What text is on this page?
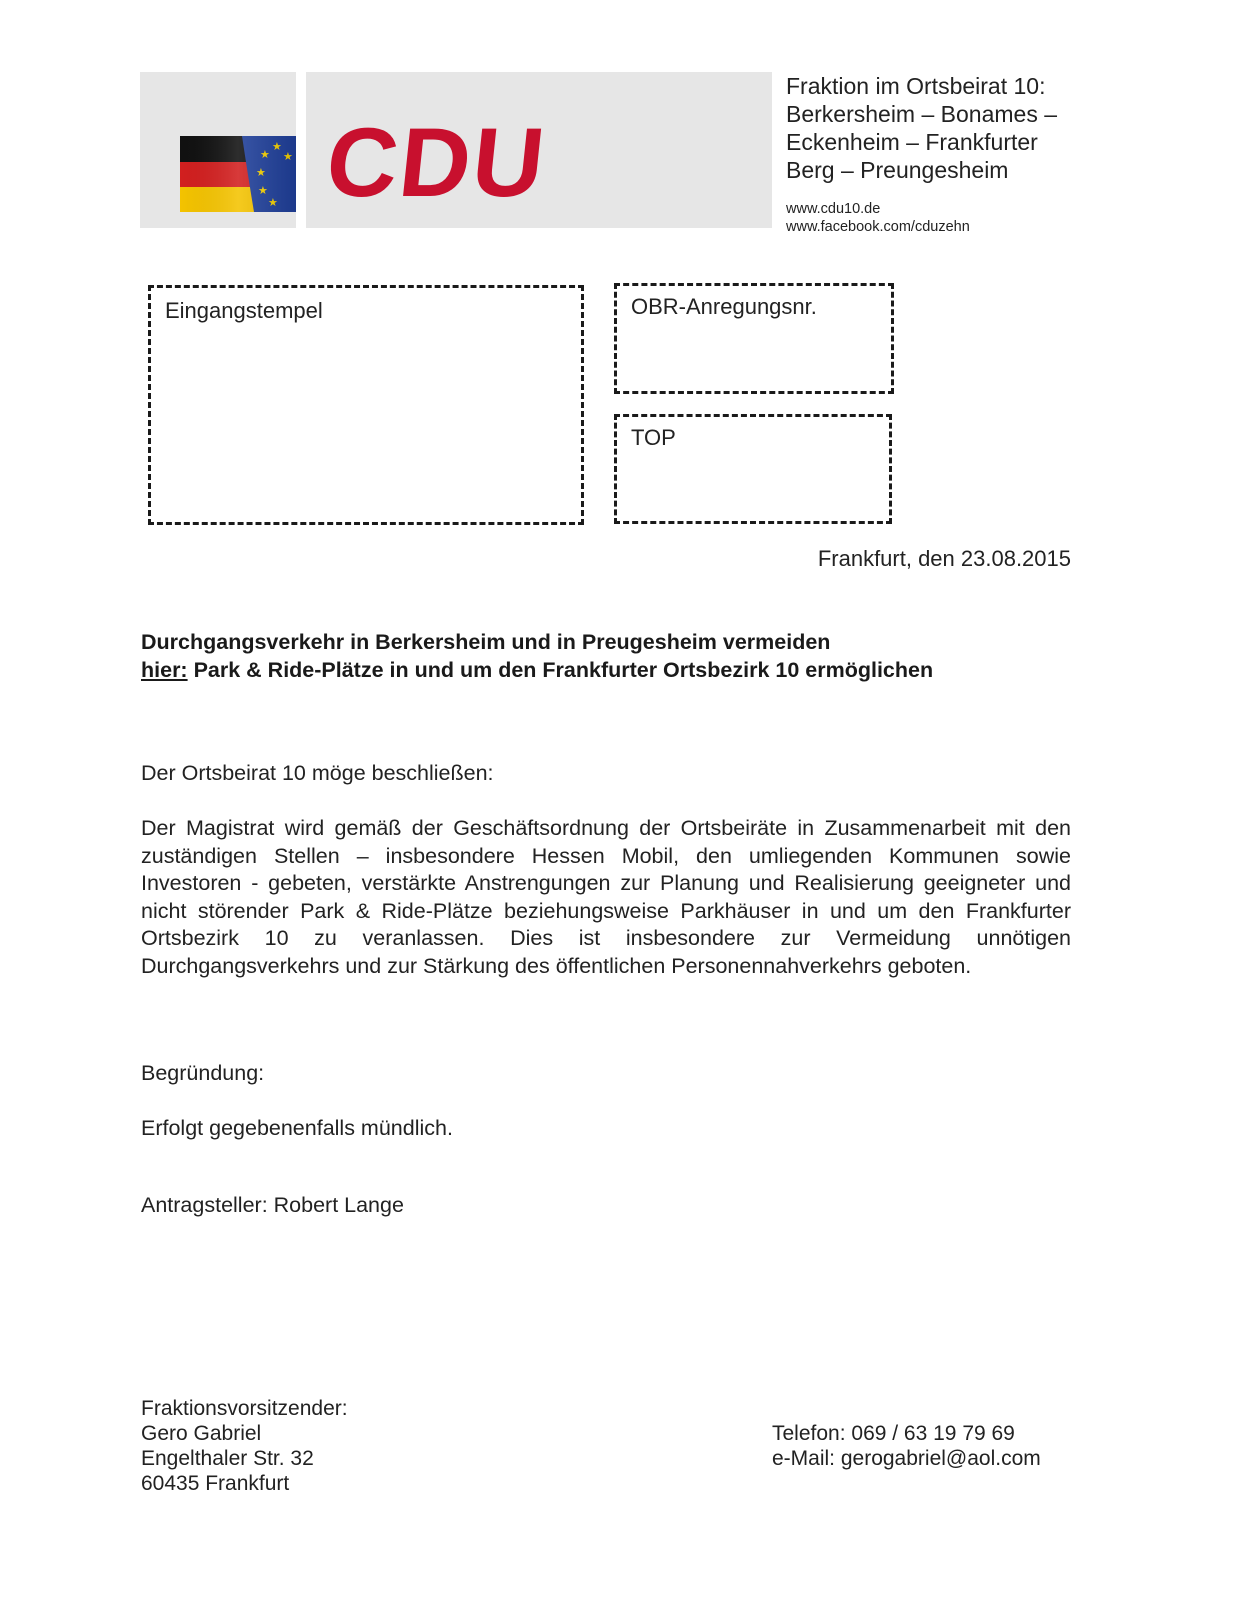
CDU
Fraktion im Ortsbeirat 10:
Berkersheim – Bonames –
Eckenheim – Frankfurter
Berg – Preungesheim
www.cdu10.de
www.facebook.com/cduzehn
Eingangstempel	OBR-Anregungsnr.
TOP
Frankfurt, den 23.08.2015
Durchgangsverkehr in Berkersheim und in Preugesheim vermeiden
hier: Park & Ride-Plätze in und um den Frankfurter Ortsbezirk 10 ermöglichen
Der Ortsbeirat 10 möge beschließen:
Der Magistrat wird gemäß der Geschäftsordnung der Ortsbeiräte in Zusammenarbeit mit den zuständigen Stellen – insbesondere Hessen Mobil, den umliegenden Kommunen sowie Investoren - gebeten, verstärkte Anstrengungen zur Planung und Realisierung geeigneter und nicht störender Park & Ride-Plätze beziehungsweise Parkhäuser in und um den Frankfurter Ortsbezirk 10 zu veranlassen. Dies ist insbesondere zur Vermeidung unnötigen Durchgangsverkehrs und zur Stärkung des öffentlichen Personennahverkehrs geboten.
Begründung:
Erfolgt gegebenenfalls mündlich.
Antragsteller: Robert Lange
Fraktionsvorsitzender:
Gero Gabriel
Engelthaler Str. 32
60435 Frankfurt
Telefon: 069 / 63 19 79 69
e-Mail: gerogabriel@aol.com
